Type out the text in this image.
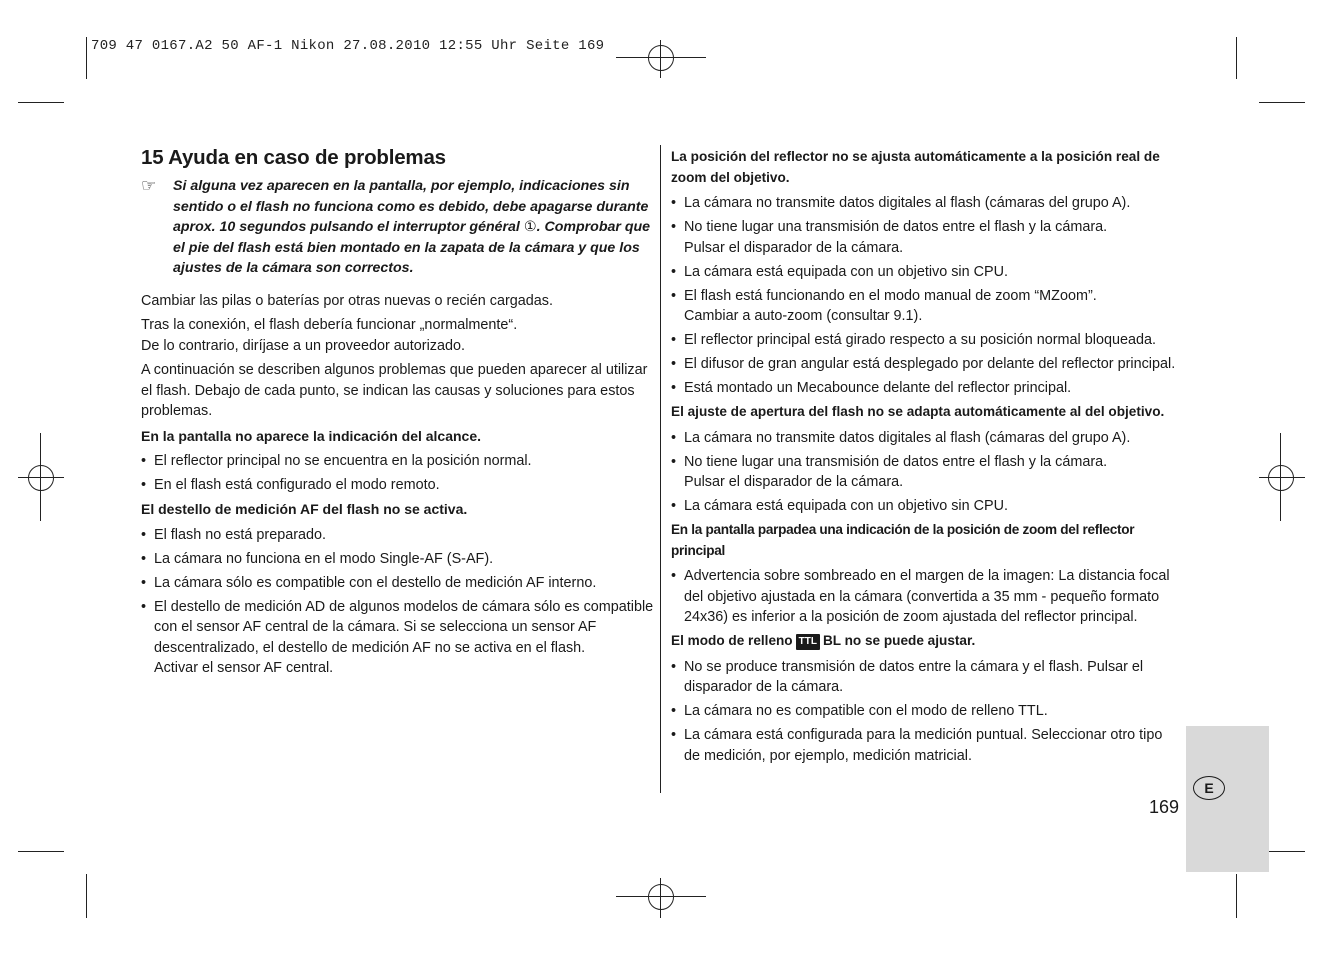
709 47 0167.A2 50 AF-1 Nikon 27.08.2010 12:55 Uhr Seite 169
15 Ayuda en caso de problemas
☞	Si alguna vez aparecen en la pantalla, por ejemplo, indicaciones sin sentido o el flash no funciona como es debido, debe apagarse durante aprox. 10 segundos pulsando el interruptor général ①. Comprobar que el pie del flash está bien montado en la zapata de la cámara y que los ajustes de la cámara son correctos.

Cambiar las pilas o baterías por otras nuevas o recién cargadas.

Tras la conexión, el flash debería funcionar „normalmente“.
De lo contrario, diríjase a un proveedor autorizado.

A continuación se describen algunos problemas que pueden aparecer al utilizar el flash. Debajo de cada punto, se indican las causas y soluciones para estos problemas.

En la pantalla no aparece la indicación del alcance.
• El reflector principal no se encuentra en la posición normal.
• En el flash está configurado el modo remoto.
El destello de medición AF del flash no se activa.
• El flash no está preparado.
• La cámara no funciona en el modo Single-AF (S-AF).
• La cámara sólo es compatible con el destello de medición AF interno.
• El destello de medición AD de algunos modelos de cámara sólo es compatible con el sensor AF central de la cámara. Si se selecciona un sensor AF descentralizado, el destello de medición AF no se activa en el flash.
Activar el sensor AF central.
La posición del reflector no se ajusta automáticamente a la posición real de zoom del objetivo.
• La cámara no transmite datos digitales al flash (cámaras del grupo A).
• No tiene lugar una transmisión de datos entre el flash y la cámara.
Pulsar el disparador de la cámara.
• La cámara está equipada con un objetivo sin CPU.
• El flash está funcionando en el modo manual de zoom “MZoom”.
Cambiar a auto-zoom (consultar 9.1).
• El reflector principal está girado respecto a su posición normal bloqueada.
• El difusor de gran angular está desplegado por delante del reflector principal.
• Está montado un Mecabounce delante del reflector principal.
El ajuste de apertura del flash no se adapta automáticamente al del objetivo.
• La cámara no transmite datos digitales al flash (cámaras del grupo A).
• No tiene lugar una transmisión de datos entre el flash y la cámara.
Pulsar el disparador de la cámara.
• La cámara está equipada con un objetivo sin CPU.
En la pantalla parpadea una indicación de la posición de zoom del reflector principal
• Advertencia sobre sombreado en el margen de la imagen: La distancia focal del objetivo ajustada en la cámara (convertida a 35 mm - pequeño formato 24x36) es inferior a la posición de zoom ajustada del reflector principal.
El modo de relleno TTL BL no se puede ajustar.
• No se produce transmisión de datos entre la cámara y el flash. Pulsar el disparador de la cámara.
• La cámara no es compatible con el modo de relleno TTL.
• La cámara está configurada para la medición puntual. Seleccionar otro tipo de medición, por ejemplo, medición matricial.
E
169
